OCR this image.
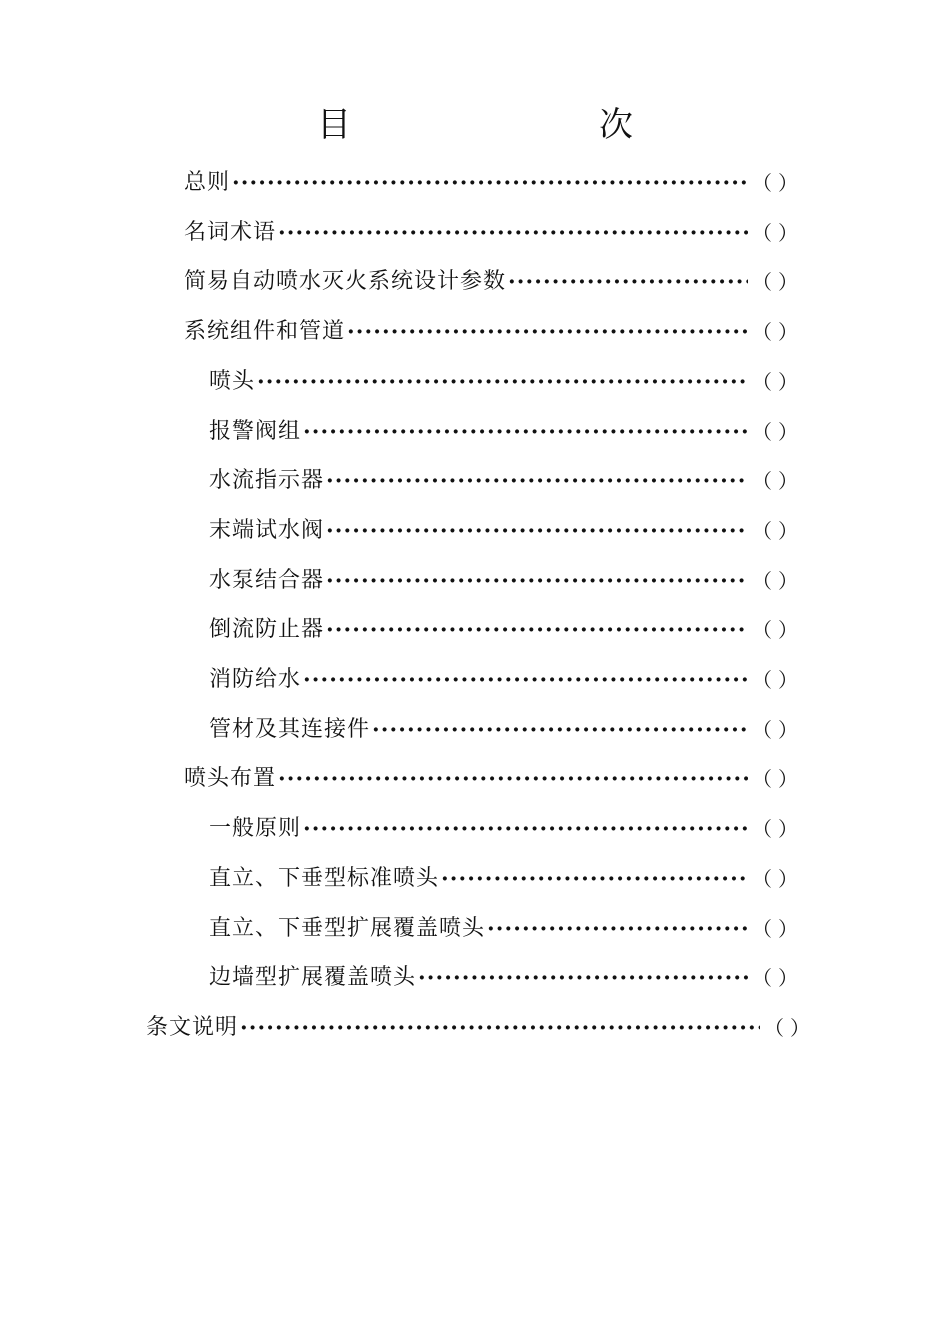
目　　次
总则 ·····	（ ）
名词术语 ·····	（ ）
简易自动喷水灭火系统设计参数 ·····	（ ）
系统组件和管道 ·····	（ ）
喷头 ·····	（ ）
报警阀组 ·····	（ ）
水流指示器 ·····	（ ）
末端试水阀 ·····	（ ）
水泵结合器 ·····	（ ）
倒流防止器 ·····	（ ）
消防给水 ·····	（ ）
管材及其连接件 ·····	（ ）
喷头布置 ·····	（ ）
一般原则 ·····	（ ）
直立、下垂型标准喷头 ·····	（ ）
直立、下垂型扩展覆盖喷头 ·····	（ ）
边墙型扩展覆盖喷头 ·····	（ ）
条文说明 ·····	（ ）
